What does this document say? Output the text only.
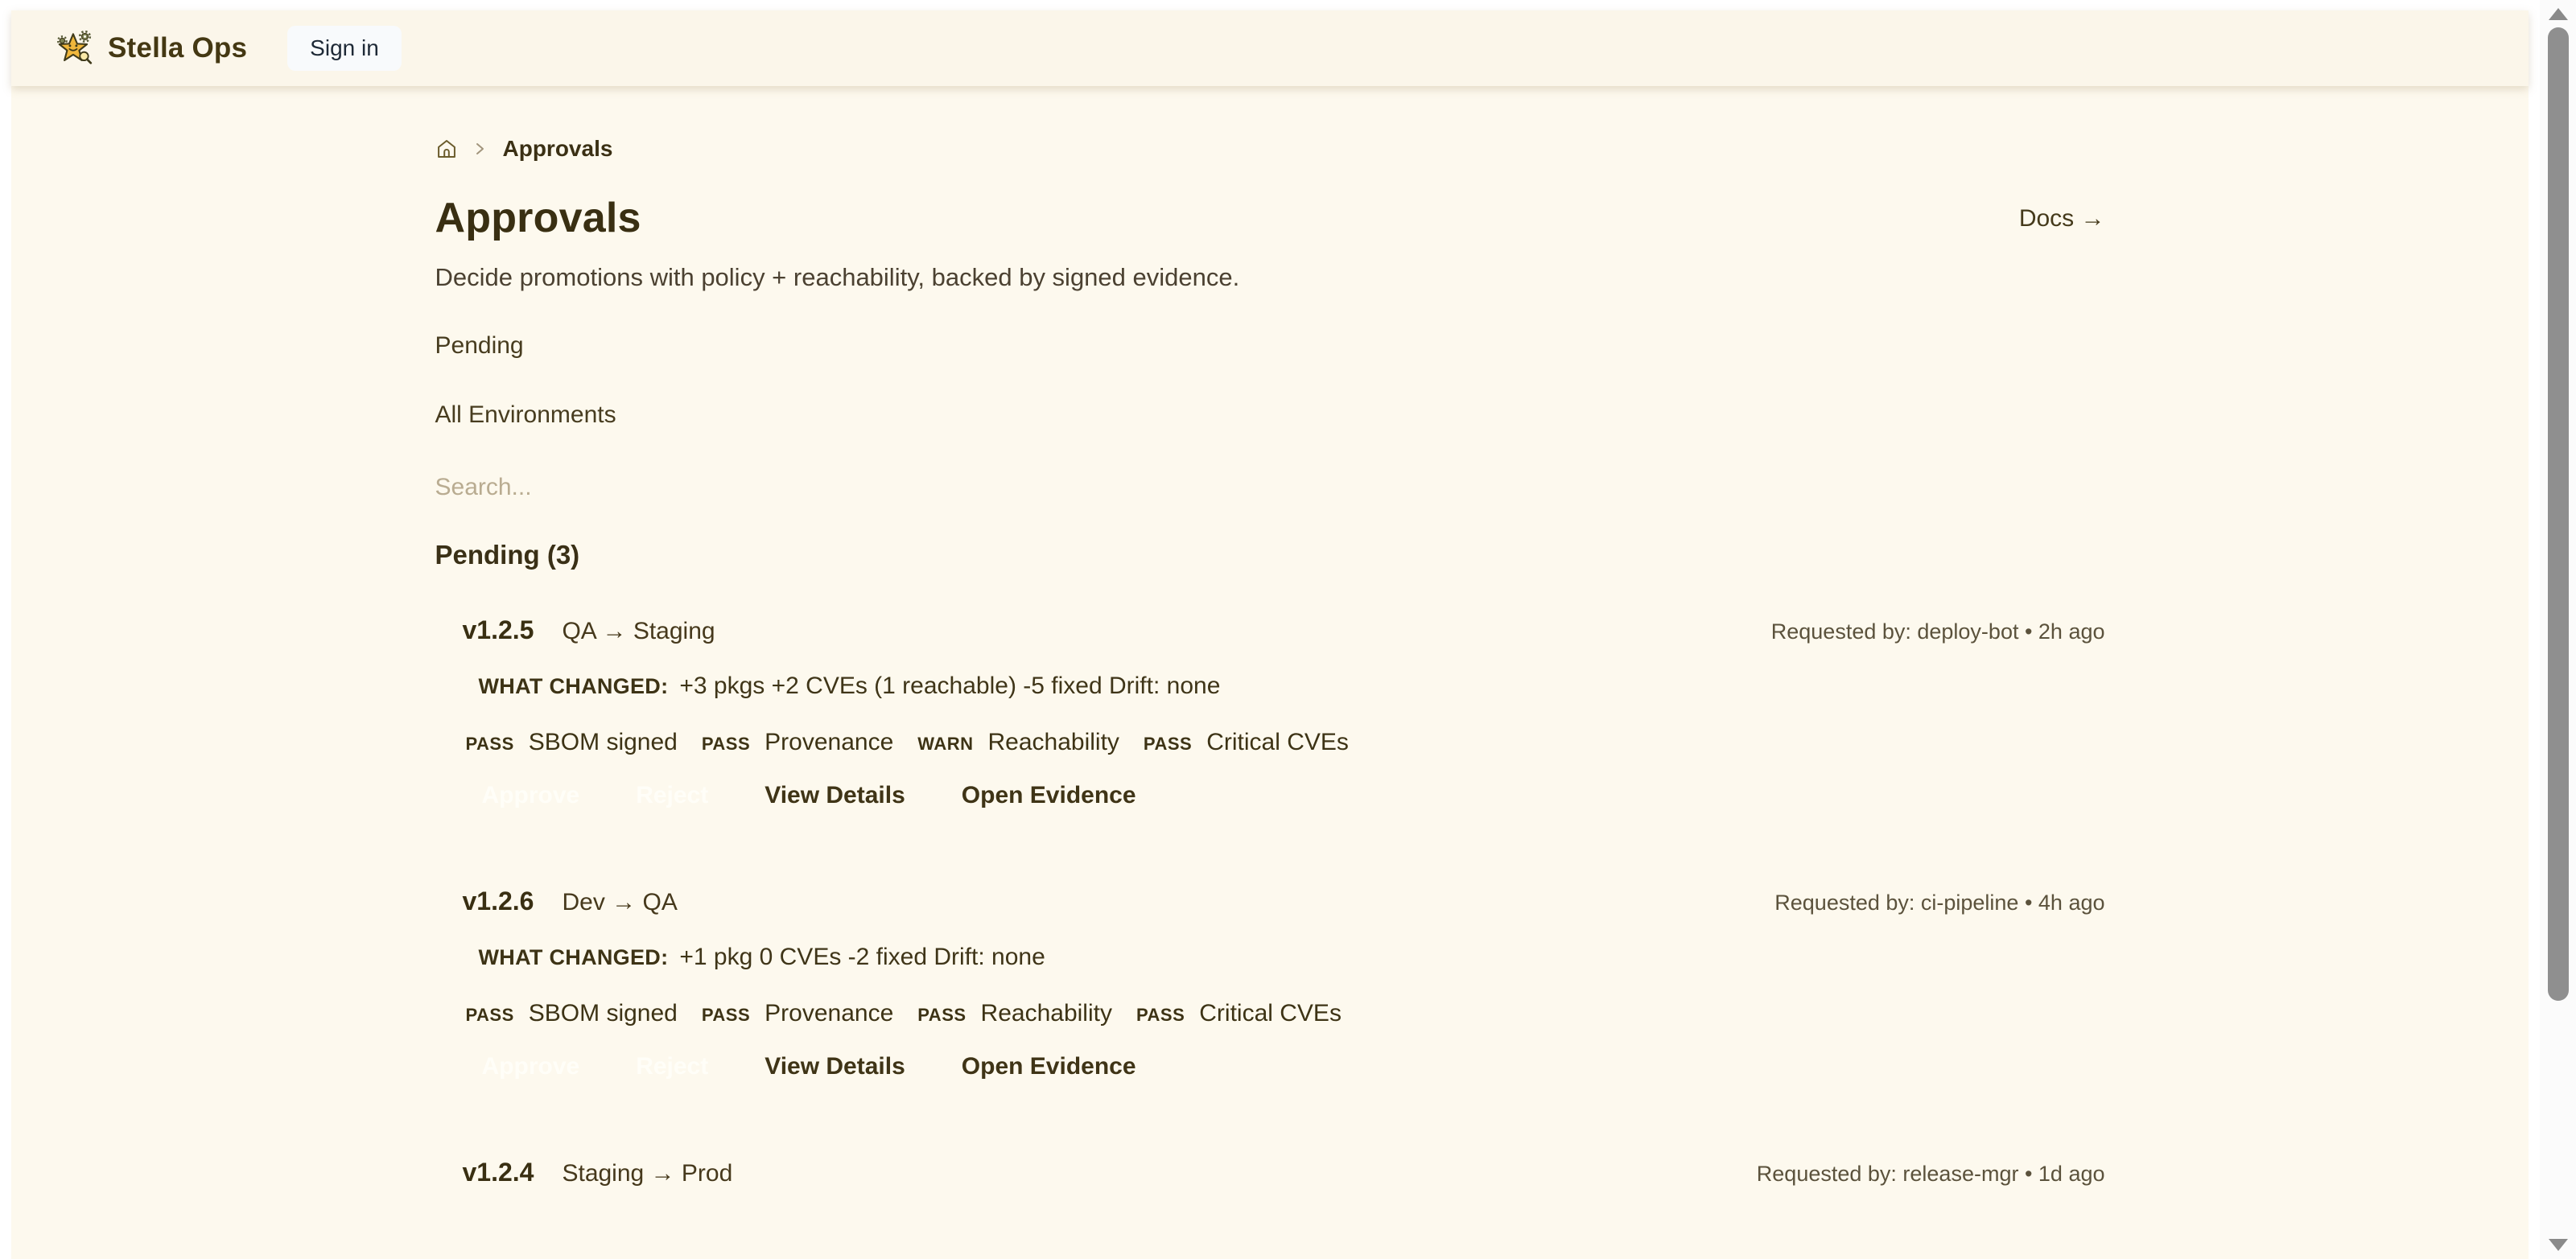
Stella Ops	Sign in
Approvals
Approvals	Docs →

Decide promotions with policy + reachability, backed by signed evidence.

Pending
All Environments
Search...
Pending (3)
v1.2.5 QA → Staging	Requested by: deploy-bot • 2h ago
WHAT CHANGED: +3 pkgs +2 CVEs (1 reachable) -5 fixed Drift: none
PASS SBOM signed PASS Provenance WARN Reachability PASS Critical CVEs
Approve Reject View Details Open Evidence
v1.2.6 Dev → QA	Requested by: ci-pipeline • 4h ago
WHAT CHANGED: +1 pkg 0 CVEs -2 fixed Drift: none
PASS SBOM signed PASS Provenance PASS Reachability PASS Critical CVEs
Approve Reject View Details Open Evidence
v1.2.4 Staging → Prod	Requested by: release-mgr • 1d ago
